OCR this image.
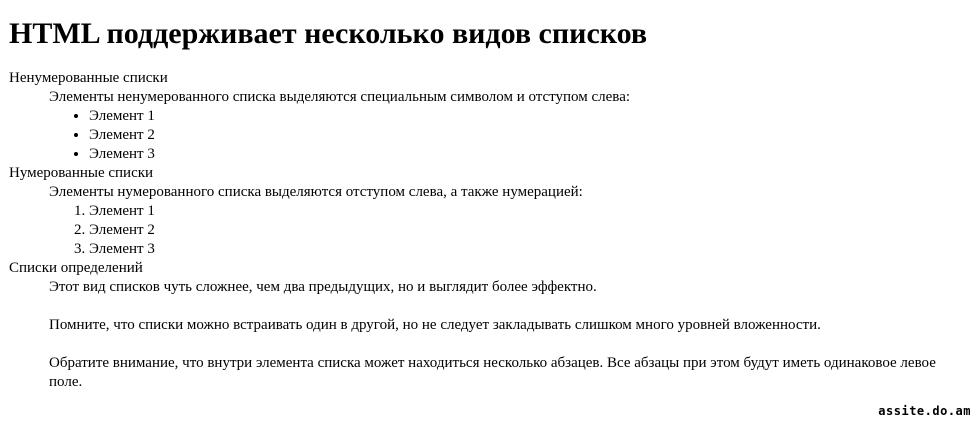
HTML поддерживает несколько видов списков
Ненумерованные списки
Элементы ненумерованного списка выделяются специальным символом и отступом слева:
• Элемент 1
• Элемент 2
• Элемент 3
Нумерованные списки
Элементы нумерованного списка выделяются отступом слева, а также нумерацией:
1. Элемент 1
2. Элемент 2
3. Элемент 3
Списки определений

Этот вид списков чуть сложнее, чем два предыдущих, но и выглядит более эффектно.

Помните, что списки можно встраивать один в другой, но не следует закладывать слишком много уровней вложенности.

Обратите внимание, что внутри элемента списка может находиться несколько абзацев. Все абзацы при этом будут иметь одинаковое левое поле.

assite.do.am
